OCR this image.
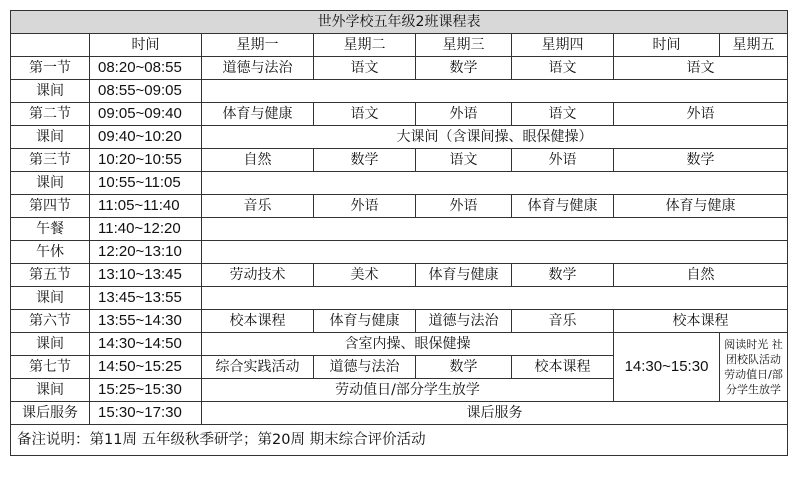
世外学校五年级2班课程表							
	时间	星期一	星期二	星期三	星期四	时间	星期五
第一节	08:20~08:55	道德与法治	语文	数学	语文	语文	
课间	08:55~09:05						
第二节	09:05~09:40	体育与健康	语文	外语	语文	外语	
课间	09:40~10:20	大课间（含课间操、眼保健操）					
第三节	10:20~10:55	自然	数学	语文	外语	数学	
课间	10:55~11:05						
第四节	11:05~11:40	音乐	外语	外语	体育与健康	体育与健康	
午餐	11:40~12:20						
午休	12:20~13:10						
第五节	13:10~13:45	劳动技术	美术	体育与健康	数学	自然	
课间	13:45~13:55						
第六节	13:55~14:30	校本课程	体育与健康	道德与法治	音乐	校本课程	
课间	14:30~14:50	含室内操、眼保健操				14:30~15:30	阅读时光 社团校队活动 劳动值日/部分学生放学
第七节	14:50~15:25	综合实践活动	道德与法治	数学	校本课程		
课间	15:25~15:30	劳动值日/部分学生放学					
课后服务	15:30~17:30	课后服务					
备注说明：第11周 五年级秋季研学；第20周 期末综合评价活动							
